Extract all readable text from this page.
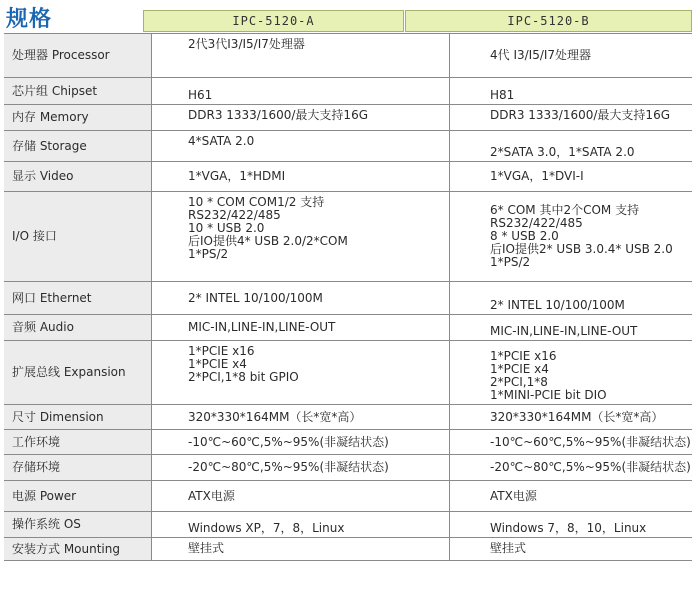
规格	IPC-5120-A	IPC-5120-B
处理器 Processor	2代3代I3/I5/I7处理器	4代 I3/I5/I7处理器

芯片组 Chipset	H61	H81

内存 Memory	DDR3 1333/1600/最大支持16G	DDR3 1333/1600/最大支持16G

存储 Storage	4*SATA 2.0	2*SATA 3.0，1*SATA 2.0

显示 Video	1*VGA，1*HDMI	1*VGA，1*DVI-I

I/O 接口	10 * COM COM1/2 支持
RS232/422/485
10 * USB 2.0
后IO提供4* USB 2.0/2*COM
1*PS/2	6* COM 其中2个COM 支持
RS232/422/485
8 * USB 2.0
后IO提供2* USB 3.0.4* USB 2.0
1*PS/2

网口 Ethernet	2* INTEL 10/100/100M	2* INTEL 10/100/100M

音频 Audio	MIC-IN,LINE-IN,LINE-OUT	MIC-IN,LINE-IN,LINE-OUT

扩展总线 Expansion	1*PCIE x16
1*PCIE x4
2*PCI,1*8 bit GPIO	1*PCIE x16
1*PCIE x4
2*PCI,1*8
1*MINI-PCIE bit DIO

尺寸 Dimension	320*330*164MM（长*宽*高）	320*330*164MM（长*宽*高）

工作环境	-10℃~60℃,5%~95%(非凝结状态)	-10℃~60℃,5%~95%(非凝结状态)

存储环境	-20℃~80℃,5%~95%(非凝结状态)	-20℃~80℃,5%~95%(非凝结状态)

电源 Power	ATX电源	ATX电源

操作系统 OS	Windows XP，7，8，Linux	Windows 7，8，10，Linux

安装方式 Mounting	壁挂式	壁挂式
